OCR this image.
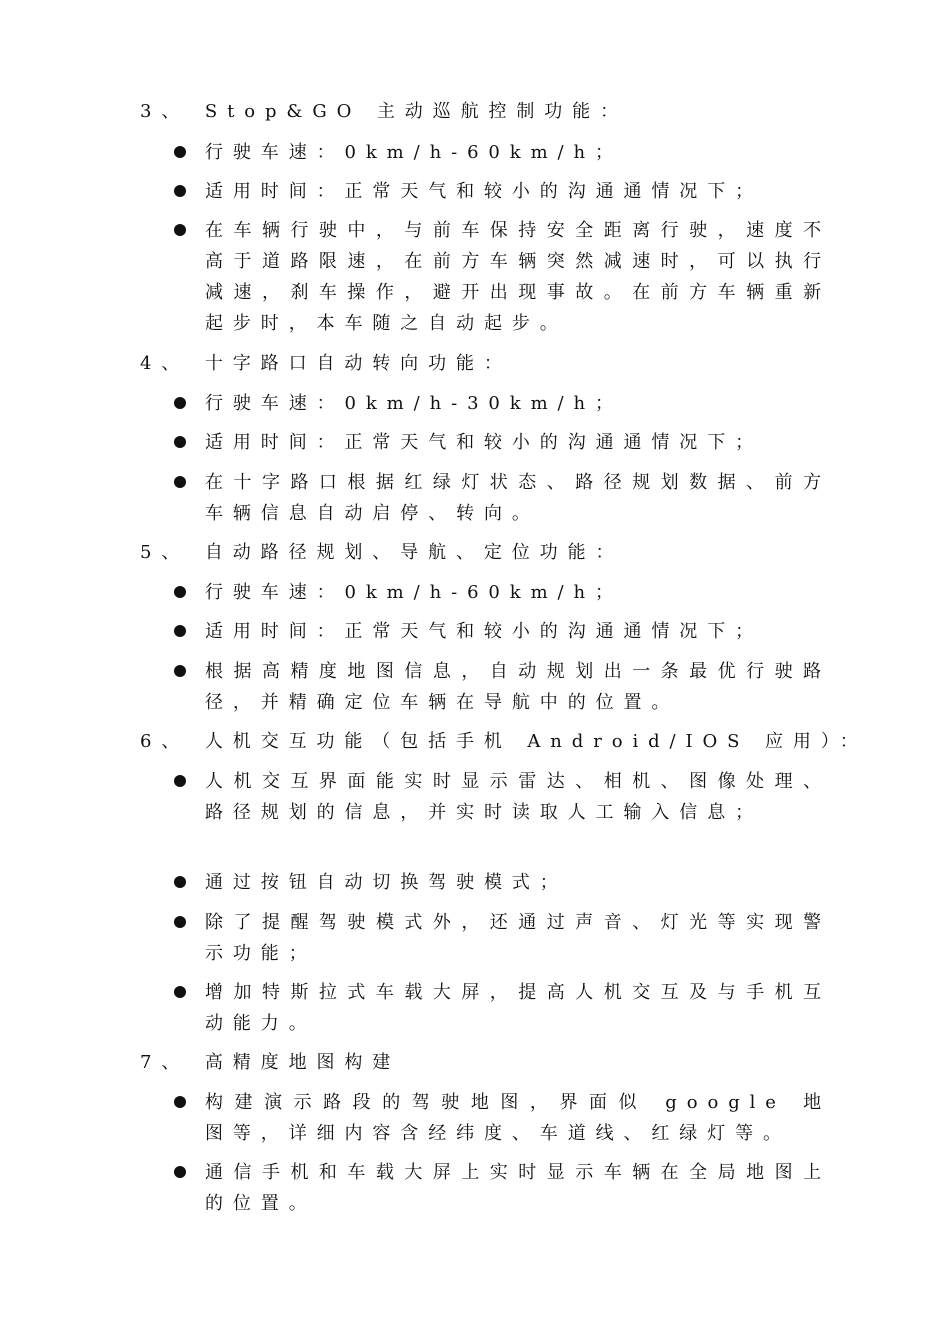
3、 Stop&GO 主动巡航控制功能：
行驶车速：0km/h-60km/h；
适用时间：正常天气和较小的沟通通情况下；
在车辆行驶中，与前车保持安全距离行驶，速度不高于道路限速，在前方车辆突然减速时，可以执行减速，刹车操作，避开出现事故。在前方车辆重新起步时，本车随之自动起步。
4、 十字路口自动转向功能：
行驶车速：0km/h-30km/h；
适用时间：正常天气和较小的沟通通情况下；
在十字路口根据红绿灯状态、路径规划数据、前方车辆信息自动启停、转向。
5、 自动路径规划、导航、定位功能：
行驶车速：0km/h-60km/h；
适用时间：正常天气和较小的沟通通情况下；
根据高精度地图信息，自动规划出一条最优行驶路径，并精确定位车辆在导航中的位置。
6、 人机交互功能（包括手机 Android/IOS 应用）：
人机交互界面能实时显示雷达、相机、图像处理、路径规划的信息，并实时读取人工输入信息；
通过按钮自动切换驾驶模式；
除了提醒驾驶模式外，还通过声音、灯光等实现警示功能；
增加特斯拉式车载大屏，提高人机交互及与手机互动能力。
7、 高精度地图构建
构建演示路段的驾驶地图，界面似 google 地图等，详细内容含经纬度、车道线、红绿灯等。
通信手机和车载大屏上实时显示车辆在全局地图上的位置。
